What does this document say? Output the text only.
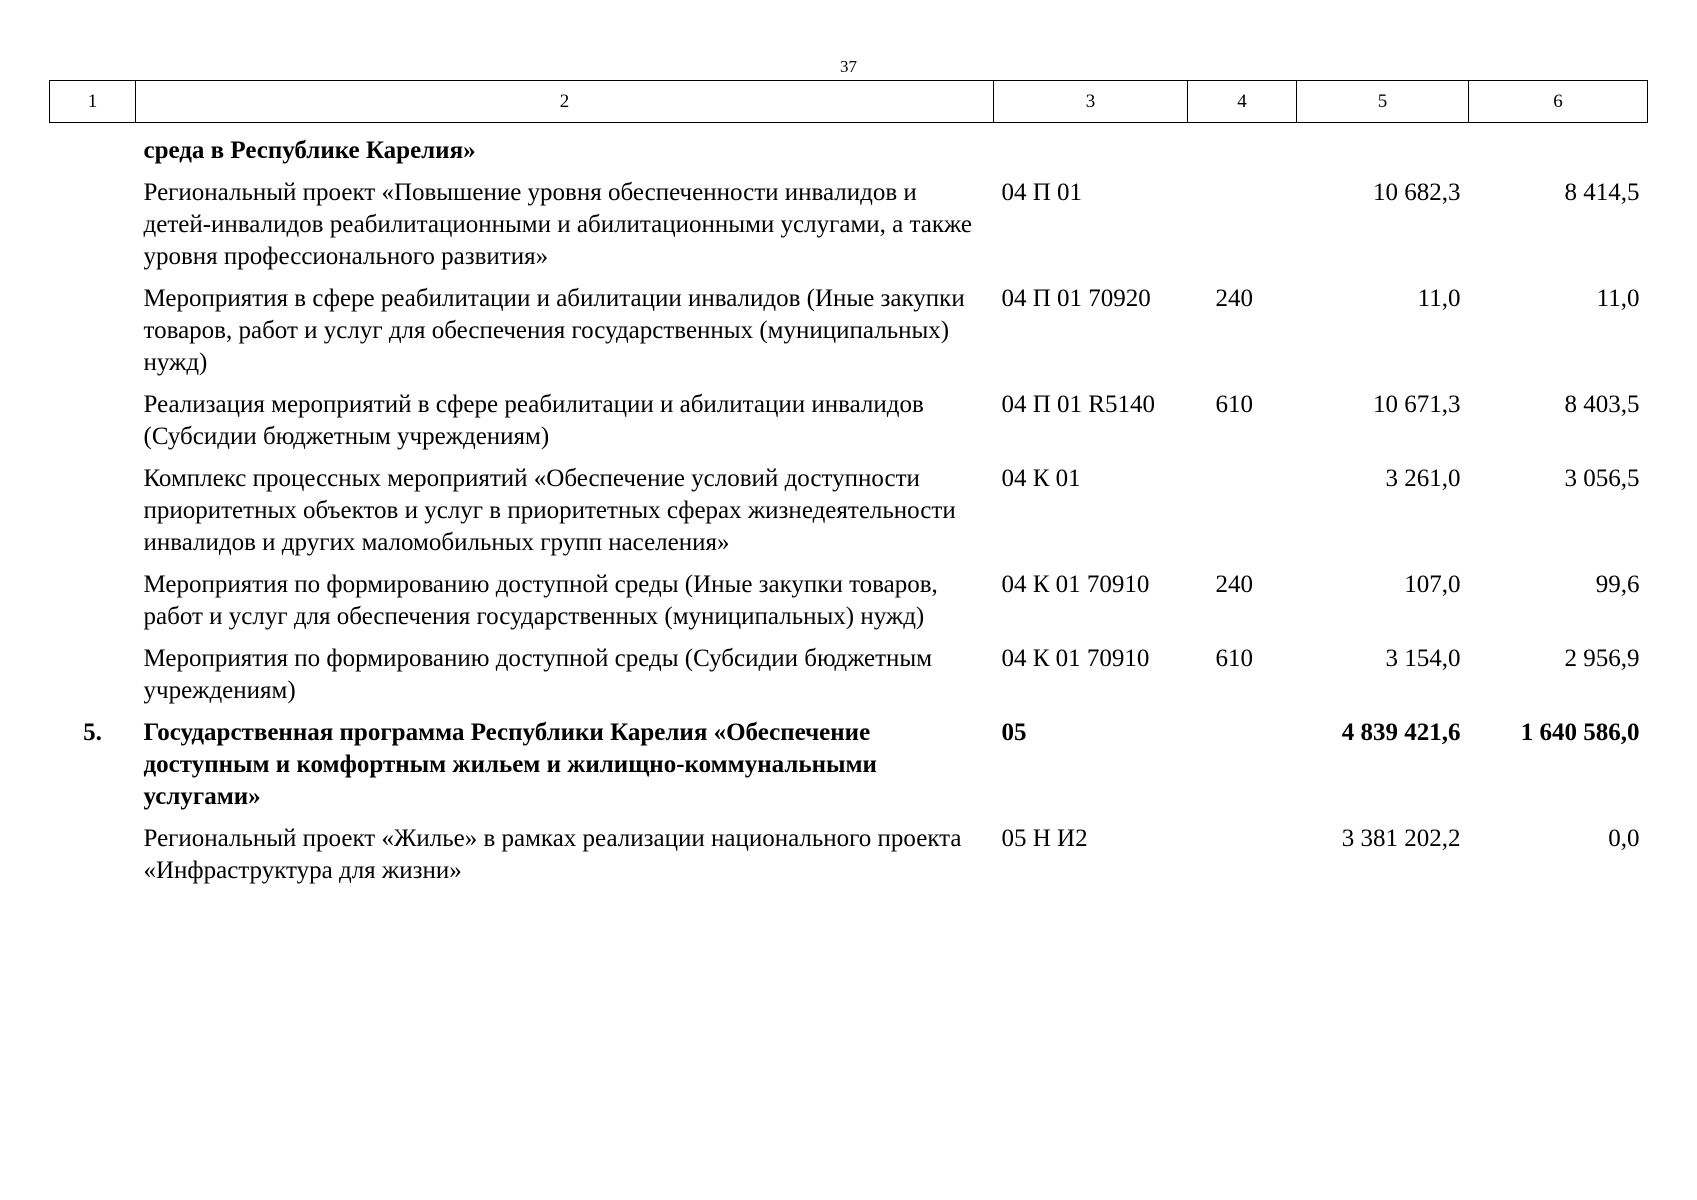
37
1	2	3	4	5	6
	среда в Республике Карелия»				
	Региональный проект «Повышение уровня обеспеченности инвалидов и детей-инвалидов реабилитационными и абилитационными услугами, а также уровня профессионального развития»	04 П 01		10 682,3	8 414,5
	Мероприятия в сфере реабилитации и абилитации инвалидов (Иные закупки товаров, работ и услуг для обеспечения государственных (муниципальных) нужд)	04 П 01 70920	240	11,0	11,0
	Реализация мероприятий в сфере реабилитации и абилитации инвалидов (Субсидии бюджетным учреждениям)	04 П 01 R5140	610	10 671,3	8 403,5
	Комплекс процессных мероприятий «Обеспечение условий доступности приоритетных объектов и услуг в приоритетных сферах жизнедеятельности инвалидов и других маломобильных групп населения»	04 К 01		3 261,0	3 056,5
	Мероприятия по формированию доступной среды (Иные закупки товаров, работ и услуг для обеспечения государственных (муниципальных) нужд)	04 К 01 70910	240	107,0	99,6
	Мероприятия по формированию доступной среды (Субсидии бюджетным учреждениям)	04 К 01 70910	610	3 154,0	2 956,9
5.	Государственная программа Республики Карелия «Обеспечение доступным и комфортным жильем и жилищно-коммунальными услугами»	05		4 839 421,6	1 640 586,0
	Региональный проект «Жилье» в рамках реализации национального проекта «Инфраструктура для жизни»	05 Н И2		3 381 202,2	0,0
